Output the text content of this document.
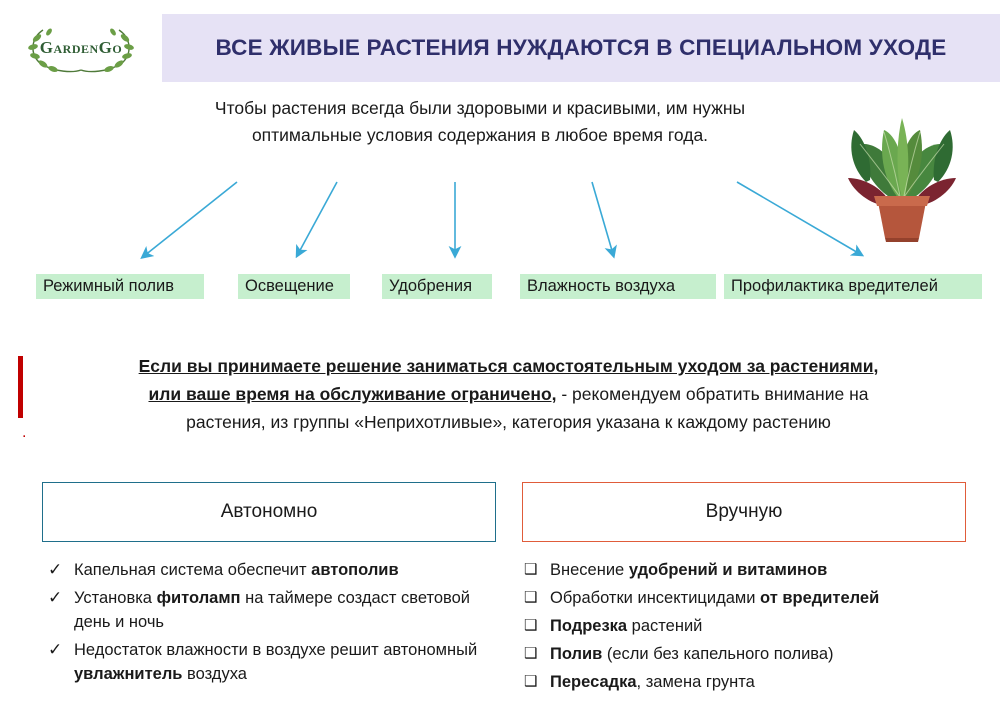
GardenGo	ВСЕ ЖИВЫЕ РАСТЕНИЯ НУЖДАЮТСЯ В СПЕЦИАЛЬНОМ УХОДЕ
Чтобы растения всегда были здоровыми и красивыми, им нужны
оптимальные условия содержания в любое время года.
Режимный полив	Освещение	Удобрения	Влажность воздуха	Профилактика вредителей
Если вы принимаете решение заниматься самостоятельным уходом за растениями,
или ваше время на обслуживание ограничено, - рекомендуем обратить внимание на
растения, из группы «Неприхотливые», категория указана к каждому растению
.
Автономно	Вручную
✓ Капельная система обеспечит автополив
✓ Установка фитоламп на таймере создаст световой день и ночь
✓ Недостаток влажности в воздухе решит автономный увлажнитель воздуха
❑ Внесение удобрений и витаминов
❑ Обработки инсектицидами от вредителей
❑ Подрезка растений
❑ Полив (если без капельного полива)
❑ Пересадка, замена грунта
